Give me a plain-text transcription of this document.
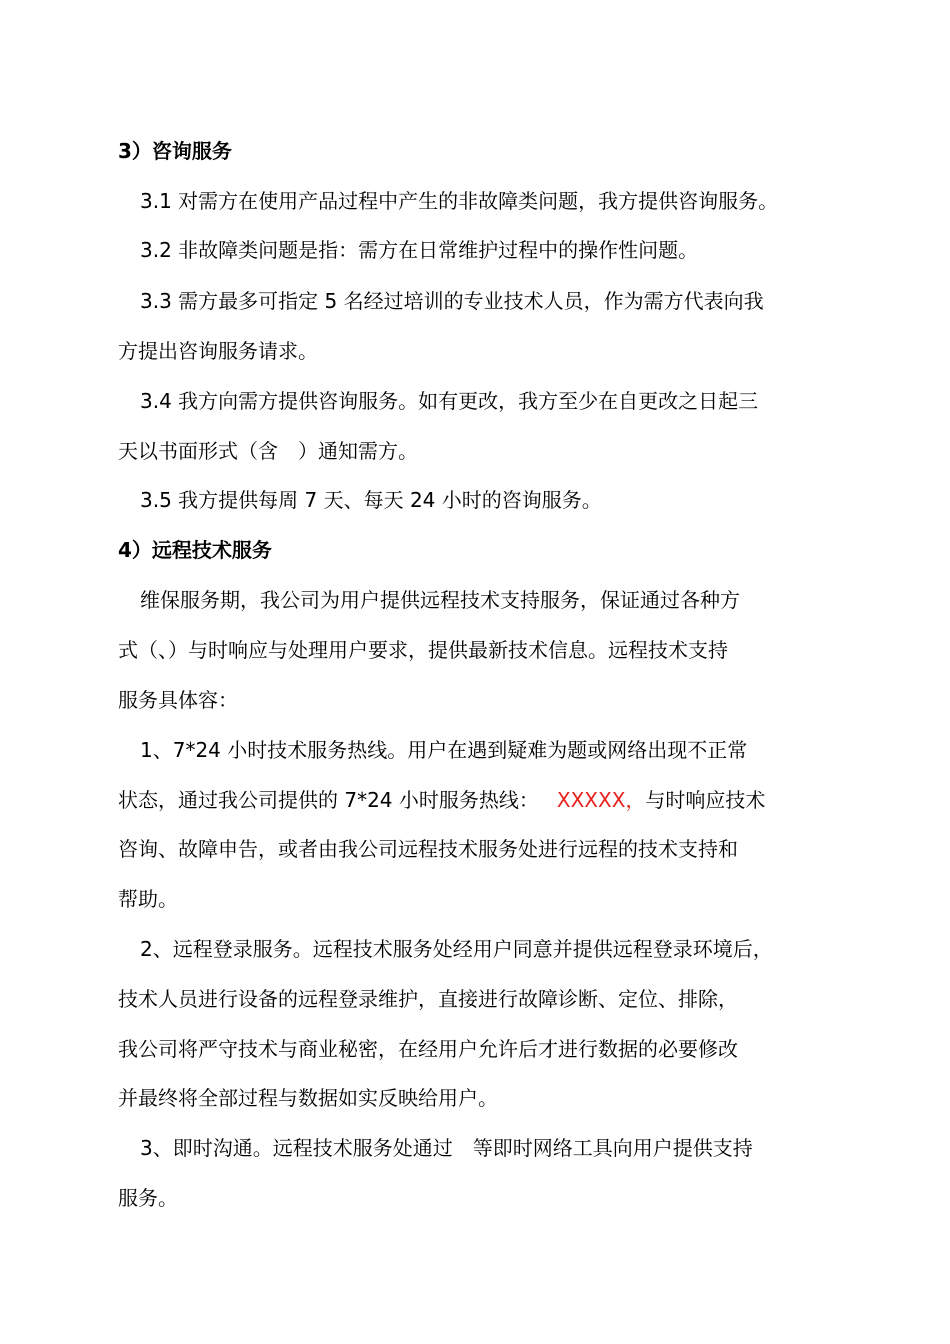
3）咨询服务
3.1 对需方在使用产品过程中产生的非故障类问题，我方提供咨询服务。
3.2 非故障类问题是指：需方在日常维护过程中的操作性问题。
3.3 需方最多可指定 5 名经过培训的专业技术人员，作为需方代表向我
方提出咨询服务请求。
3.4 我方向需方提供咨询服务。如有更改，我方至少在自更改之日起三
天以书面形式（含　）通知需方。
3.5 我方提供每周 7 天、每天 24 小时的咨询服务。
4）远程技术服务
维保服务期，我公司为用户提供远程技术支持服务，保证通过各种方
式（、）与时响应与处理用户要求，提供最新技术信息。远程技术支持
服务具体容：
1、7*24 小时技术服务热线。用户在遇到疑难为题或网络出现不正常
状态，通过我公司提供的 7*24 小时服务热线： XXXXX，与时响应技术
咨询、故障申告，或者由我公司远程技术服务处进行远程的技术支持和
帮助。
2、远程登录服务。远程技术服务处经用户同意并提供远程登录环境后，
技术人员进行设备的远程登录维护，直接进行故障诊断、定位、排除，
我公司将严守技术与商业秘密，在经用户允许后才进行数据的必要修改
并最终将全部过程与数据如实反映给用户。
3、即时沟通。远程技术服务处通过　等即时网络工具向用户提供支持
服务。
